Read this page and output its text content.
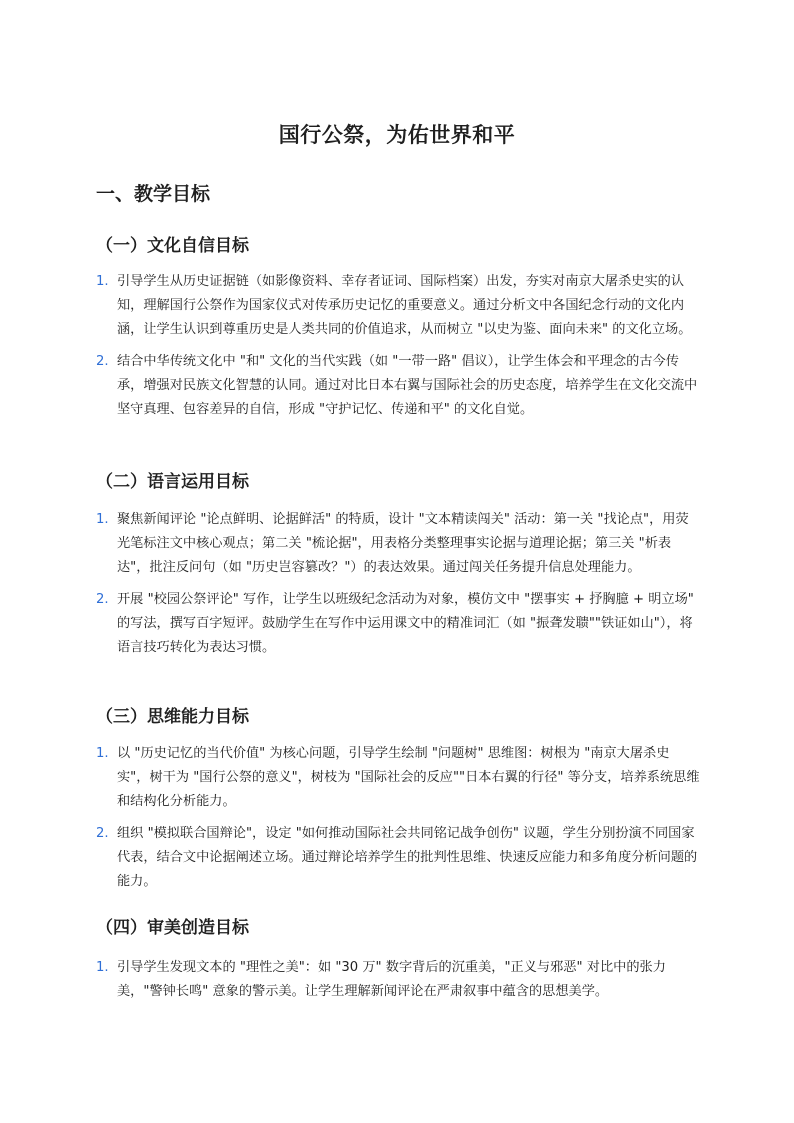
国行公祭，为佑世界和平
一、教学目标
（一）文化自信目标
1. 引导学生从历史证据链（如影像资料、幸存者证词、国际档案）出发，夯实对南京大屠杀史实的认知，理解国行公祭作为国家仪式对传承历史记忆的重要意义。通过分析文中各国纪念行动的文化内涵，让学生认识到尊重历史是人类共同的价值追求，从而树立 "以史为鉴、面向未来" 的文化立场。
2. 结合中华传统文化中 "和" 文化的当代实践（如 "一带一路" 倡议），让学生体会和平理念的古今传承，增强对民族文化智慧的认同。通过对比日本右翼与国际社会的历史态度，培养学生在文化交流中坚守真理、包容差异的自信，形成 "守护记忆、传递和平" 的文化自觉。
（二）语言运用目标
1. 聚焦新闻评论 "论点鲜明、论据鲜活" 的特质，设计 "文本精读闯关" 活动：第一关 "找论点"，用荧光笔标注文中核心观点；第二关 "梳论据"，用表格分类整理事实论据与道理论据；第三关 "析表达"，批注反问句（如 "历史岂容篡改？"）的表达效果。通过闯关任务提升信息处理能力。
2. 开展 "校园公祭评论" 写作，让学生以班级纪念活动为对象，模仿文中 "摆事实 + 抒胸臆 + 明立场" 的写法，撰写百字短评。鼓励学生在写作中运用课文中的精准词汇（如 "振聋发聩""铁证如山"），将语言技巧转化为表达习惯。
（三）思维能力目标
1. 以 "历史记忆的当代价值" 为核心问题，引导学生绘制 "问题树" 思维图：树根为 "南京大屠杀史实"，树干为 "国行公祭的意义"，树枝为 "国际社会的反应""日本右翼的行径" 等分支，培养系统思维和结构化分析能力。
2. 组织 "模拟联合国辩论"，设定 "如何推动国际社会共同铭记战争创伤" 议题，学生分别扮演不同国家代表，结合文中论据阐述立场。通过辩论培养学生的批判性思维、快速反应能力和多角度分析问题的能力。
（四）审美创造目标
1. 引导学生发现文本的 "理性之美"：如 "30 万" 数字背后的沉重美，"正义与邪恶" 对比中的张力美，"警钟长鸣" 意象的警示美。让学生理解新闻评论在严肃叙事中蕴含的思想美学。
